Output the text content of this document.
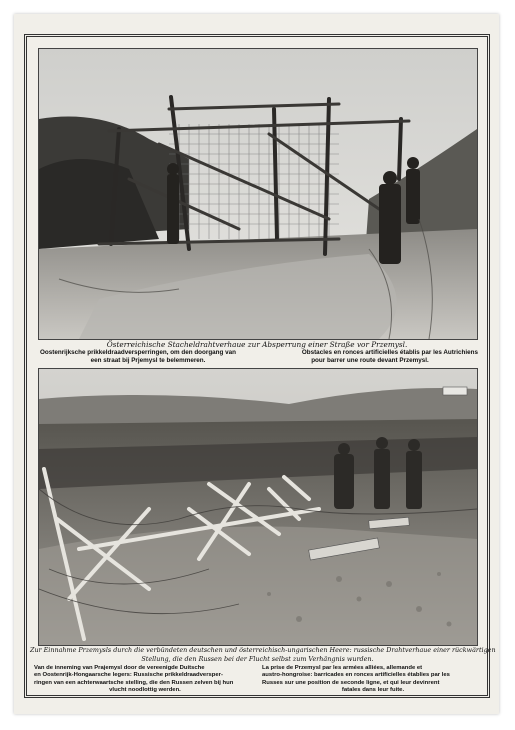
Österreichische Stacheldrahtverhaue zur Absperrung einer Straße vor Przemysl.
Oostenrijksche prikkeldraadversperringen, om den doorgang van
een straat bij Prjemysl te belemmeren.
Obstacles en ronces artificielles établis par les Autrichiens
pour barrer une route devant Przemysl.
Zur Einnahme Przemysls durch die verbündeten deutschen und österreichisch-ungarischen Heere: russische Drahtverhaue einer rückwärtigen
Stellung, die den Russen bei der Flucht selbst zum Verhängnis wurden.
Van de inneming van Prajemysl door de vereenigde Duitsche
en Oostenrijk-Hongaarsche legers: Russische prikkeldraadversper-
ringen van een achterwaartsche stelling, die den Russen zelven bij hun
vlucht noodlottig werden.
La prise de Przemysl par les armées alliées, allemande et
austro-hongroise: barricades en ronces artificielles établies par les
Russes sur une position de seconde ligne, et qui leur devinrent
fatales dans leur fuite.
